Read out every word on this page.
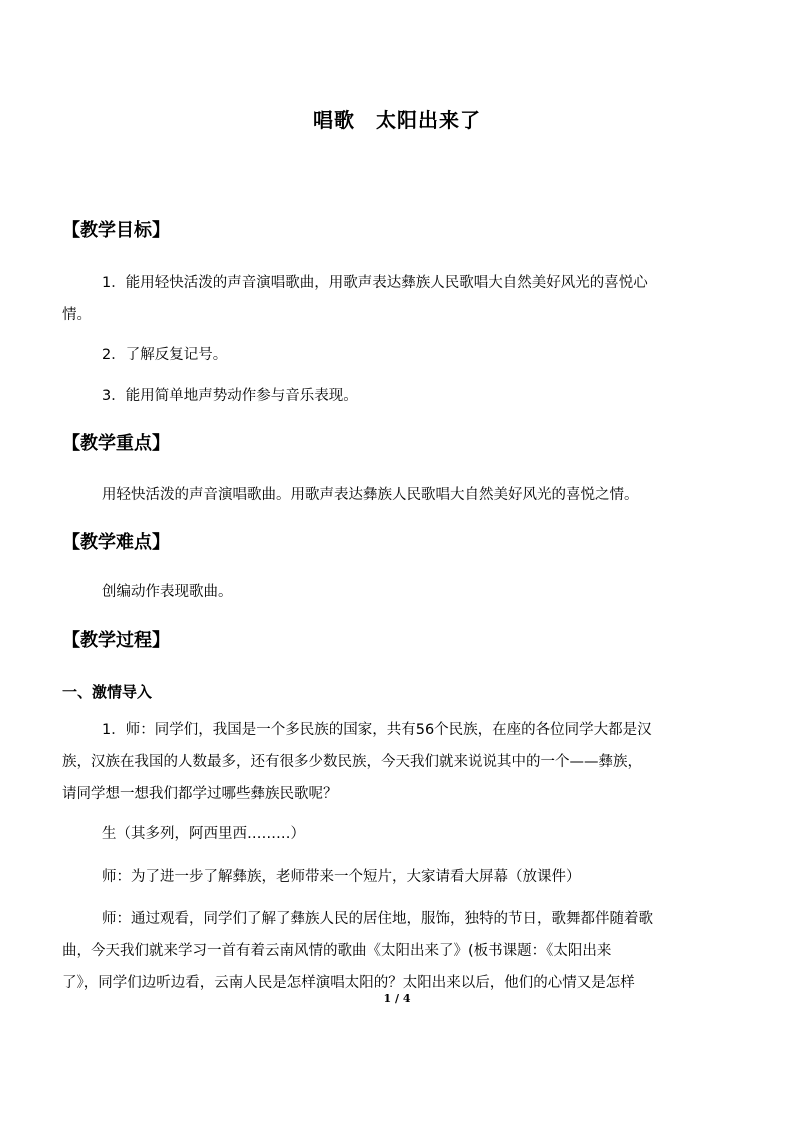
唱歌　太阳出来了
【教学目标】
1．能用轻快活泼的声音演唱歌曲，用歌声表达彝族人民歌唱大自然美好风光的喜悦心
情。
2．了解反复记号。
3．能用简单地声势动作参与音乐表现。
【教学重点】
用轻快活泼的声音演唱歌曲。用歌声表达彝族人民歌唱大自然美好风光的喜悦之情。
【教学难点】
创编动作表现歌曲。
【教学过程】
一、激情导入
1．师：同学们，我国是一个多民族的国家，共有56个民族，在座的各位同学大都是汉
族，汉族在我国的人数最多，还有很多少数民族，今天我们就来说说其中的一个——彝族，
请同学想一想我们都学过哪些彝族民歌呢？
生（其多列，阿西里西………）
师：为了进一步了解彝族，老师带来一个短片，大家请看大屏幕（放课件）
师：通过观看，同学们了解了彝族人民的居住地，服饰，独特的节日，歌舞都伴随着歌
曲，今天我们就来学习一首有着云南风情的歌曲《太阳出来了》(板书课题：《太阳出来
了》，同学们边听边看，云南人民是怎样演唱太阳的？太阳出来以后，他们的心情又是怎样
1 / 4
